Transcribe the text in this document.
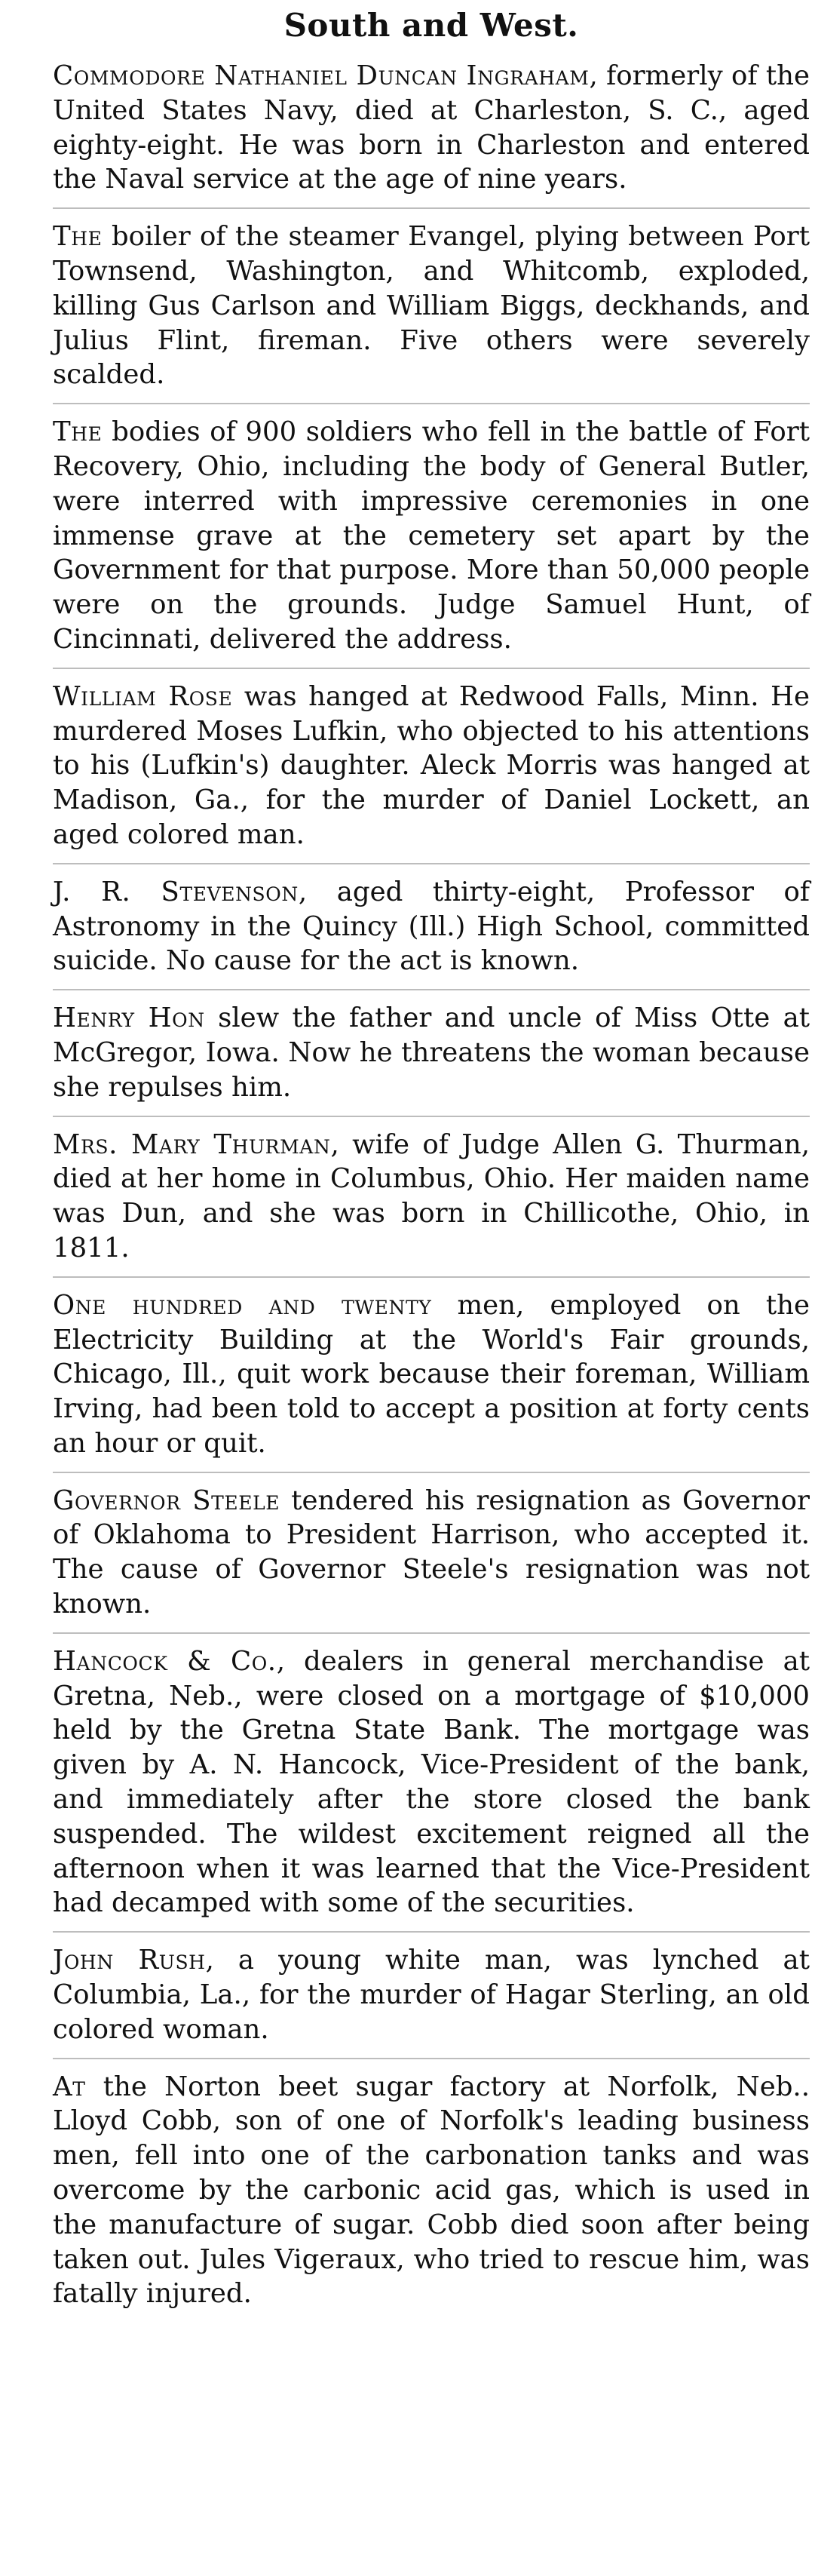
South and West.

Commodore Nathaniel Duncan Ingraham, formerly of the United States Navy, died at Charleston, S. C., aged eighty-eight. He was born in Charleston and entered the Naval service at the age of nine years.

The boiler of the steamer Evangel, plying between Port Townsend, Washington, and Whitcomb, exploded, killing Gus Carlson and William Biggs, deckhands, and Julius Flint, fireman. Five others were severely scalded.

The bodies of 900 soldiers who fell in the battle of Fort Recovery, Ohio, including the body of General Butler, were interred with impressive ceremonies in one immense grave at the cemetery set apart by the Government for that purpose. More than 50,000 people were on the grounds. Judge Samuel Hunt, of Cincinnati, delivered the address.

William Rose was hanged at Redwood Falls, Minn. He murdered Moses Lufkin, who objected to his attentions to his (Lufkin's) daughter. Aleck Morris was hanged at Madison, Ga., for the murder of Daniel Lockett, an aged colored man.

J. R. Stevenson, aged thirty-eight, Professor of Astronomy in the Quincy (Ill.) High School, committed suicide. No cause for the act is known.

Henry Hon slew the father and uncle of Miss Otte at McGregor, Iowa. Now he threatens the woman because she repulses him.

Mrs. Mary Thurman, wife of Judge Allen G. Thurman, died at her home in Columbus, Ohio. Her maiden name was Dun, and she was born in Chillicothe, Ohio, in 1811.

One hundred and twenty men, employed on the Electricity Building at the World's Fair grounds, Chicago, Ill., quit work because their foreman, William Irving, had been told to accept a position at forty cents an hour or quit.

Governor Steele tendered his resignation as Governor of Oklahoma to President Harrison, who accepted it. The cause of Governor Steele's resignation was not known.

Hancock & Co., dealers in general merchandise at Gretna, Neb., were closed on a mortgage of $10,000 held by the Gretna State Bank. The mortgage was given by A. N. Hancock, Vice-President of the bank, and immediately after the store closed the bank suspended. The wildest excitement reigned all the afternoon when it was learned that the Vice-President had decamped with some of the securities.

John Rush, a young white man, was lynched at Columbia, La., for the murder of Hagar Sterling, an old colored woman.

At the Norton beet sugar factory at Norfolk, Neb.. Lloyd Cobb, son of one of Norfolk's leading business men, fell into one of the carbonation tanks and was overcome by the carbonic acid gas, which is used in the manufacture of sugar. Cobb died soon after being taken out. Jules Vigeraux, who tried to rescue him, was fatally injured.
